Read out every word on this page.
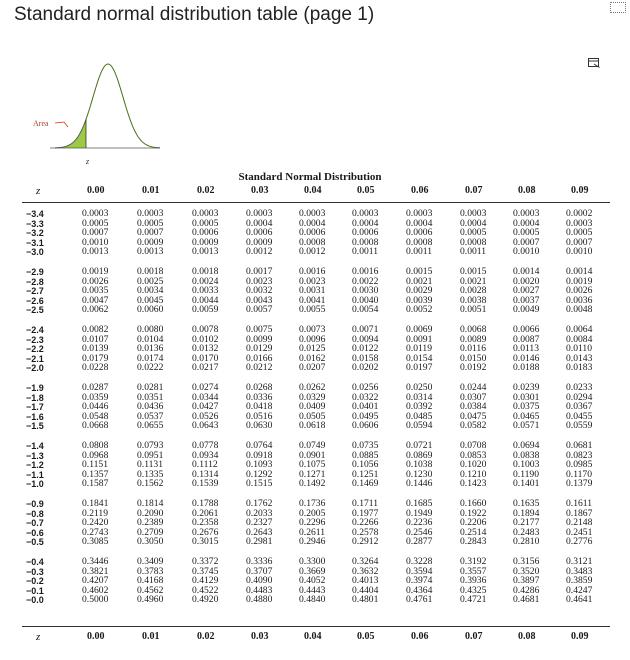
Standard normal distribution table (page 1)
Area
z
Standard Normal Distribution
z	0.00	0.01	0.02	0.03	0.04	0.05	0.06	0.07	0.08	0.09
−3.4	0.0003	0.0003	0.0003	0.0003	0.0003	0.0003	0.0003	0.0003	0.0003	0.0002
−3.3	0.0005	0.0005	0.0005	0.0004	0.0004	0.0004	0.0004	0.0004	0.0004	0.0003
−3.2	0.0007	0.0007	0.0006	0.0006	0.0006	0.0006	0.0006	0.0005	0.0005	0.0005
−3.1	0.0010	0.0009	0.0009	0.0009	0.0008	0.0008	0.0008	0.0008	0.0007	0.0007
−3.0	0.0013	0.0013	0.0013	0.0012	0.0012	0.0011	0.0011	0.0011	0.0010	0.0010
−2.9	0.0019	0.0018	0.0018	0.0017	0.0016	0.0016	0.0015	0.0015	0.0014	0.0014
−2.8	0.0026	0.0025	0.0024	0.0023	0.0023	0.0022	0.0021	0.0021	0.0020	0.0019
−2.7	0.0035	0.0034	0.0033	0.0032	0.0031	0.0030	0.0029	0.0028	0.0027	0.0026
−2.6	0.0047	0.0045	0.0044	0.0043	0.0041	0.0040	0.0039	0.0038	0.0037	0.0036
−2.5	0.0062	0.0060	0.0059	0.0057	0.0055	0.0054	0.0052	0.0051	0.0049	0.0048
−2.4	0.0082	0.0080	0.0078	0.0075	0.0073	0.0071	0.0069	0.0068	0.0066	0.0064
−2.3	0.0107	0.0104	0.0102	0.0099	0.0096	0.0094	0.0091	0.0089	0.0087	0.0084
−2.2	0.0139	0.0136	0.0132	0.0129	0.0125	0.0122	0.0119	0.0116	0.0113	0.0110
−2.1	0.0179	0.0174	0.0170	0.0166	0.0162	0.0158	0.0154	0.0150	0.0146	0.0143
−2.0	0.0228	0.0222	0.0217	0.0212	0.0207	0.0202	0.0197	0.0192	0.0188	0.0183
−1.9	0.0287	0.0281	0.0274	0.0268	0.0262	0.0256	0.0250	0.0244	0.0239	0.0233
−1.8	0.0359	0.0351	0.0344	0.0336	0.0329	0.0322	0.0314	0.0307	0.0301	0.0294
−1.7	0.0446	0.0436	0.0427	0.0418	0.0409	0.0401	0.0392	0.0384	0.0375	0.0367
−1.6	0.0548	0.0537	0.0526	0.0516	0.0505	0.0495	0.0485	0.0475	0.0465	0.0455
−1.5	0.0668	0.0655	0.0643	0.0630	0.0618	0.0606	0.0594	0.0582	0.0571	0.0559
−1.4	0.0808	0.0793	0.0778	0.0764	0.0749	0.0735	0.0721	0.0708	0.0694	0.0681
−1.3	0.0968	0.0951	0.0934	0.0918	0.0901	0.0885	0.0869	0.0853	0.0838	0.0823
−1.2	0.1151	0.1131	0.1112	0.1093	0.1075	0.1056	0.1038	0.1020	0.1003	0.0985
−1.1	0.1357	0.1335	0.1314	0.1292	0.1271	0.1251	0.1230	0.1210	0.1190	0.1170
−1.0	0.1587	0.1562	0.1539	0.1515	0.1492	0.1469	0.1446	0.1423	0.1401	0.1379
−0.9	0.1841	0.1814	0.1788	0.1762	0.1736	0.1711	0.1685	0.1660	0.1635	0.1611
−0.8	0.2119	0.2090	0.2061	0.2033	0.2005	0.1977	0.1949	0.1922	0.1894	0.1867
−0.7	0.2420	0.2389	0.2358	0.2327	0.2296	0.2266	0.2236	0.2206	0.2177	0.2148
−0.6	0.2743	0.2709	0.2676	0.2643	0.2611	0.2578	0.2546	0.2514	0.2483	0.2451
−0.5	0.3085	0.3050	0.3015	0.2981	0.2946	0.2912	0.2877	0.2843	0.2810	0.2776
−0.4	0.3446	0.3409	0.3372	0.3336	0.3300	0.3264	0.3228	0.3192	0.3156	0.3121
−0.3	0.3821	0.3783	0.3745	0.3707	0.3669	0.3632	0.3594	0.3557	0.3520	0.3483
−0.2	0.4207	0.4168	0.4129	0.4090	0.4052	0.4013	0.3974	0.3936	0.3897	0.3859
−0.1	0.4602	0.4562	0.4522	0.4483	0.4443	0.4404	0.4364	0.4325	0.4286	0.4247
−0.0	0.5000	0.4960	0.4920	0.4880	0.4840	0.4801	0.4761	0.4721	0.4681	0.4641
z	0.00	0.01	0.02	0.03	0.04	0.05	0.06	0.07	0.08	0.09
